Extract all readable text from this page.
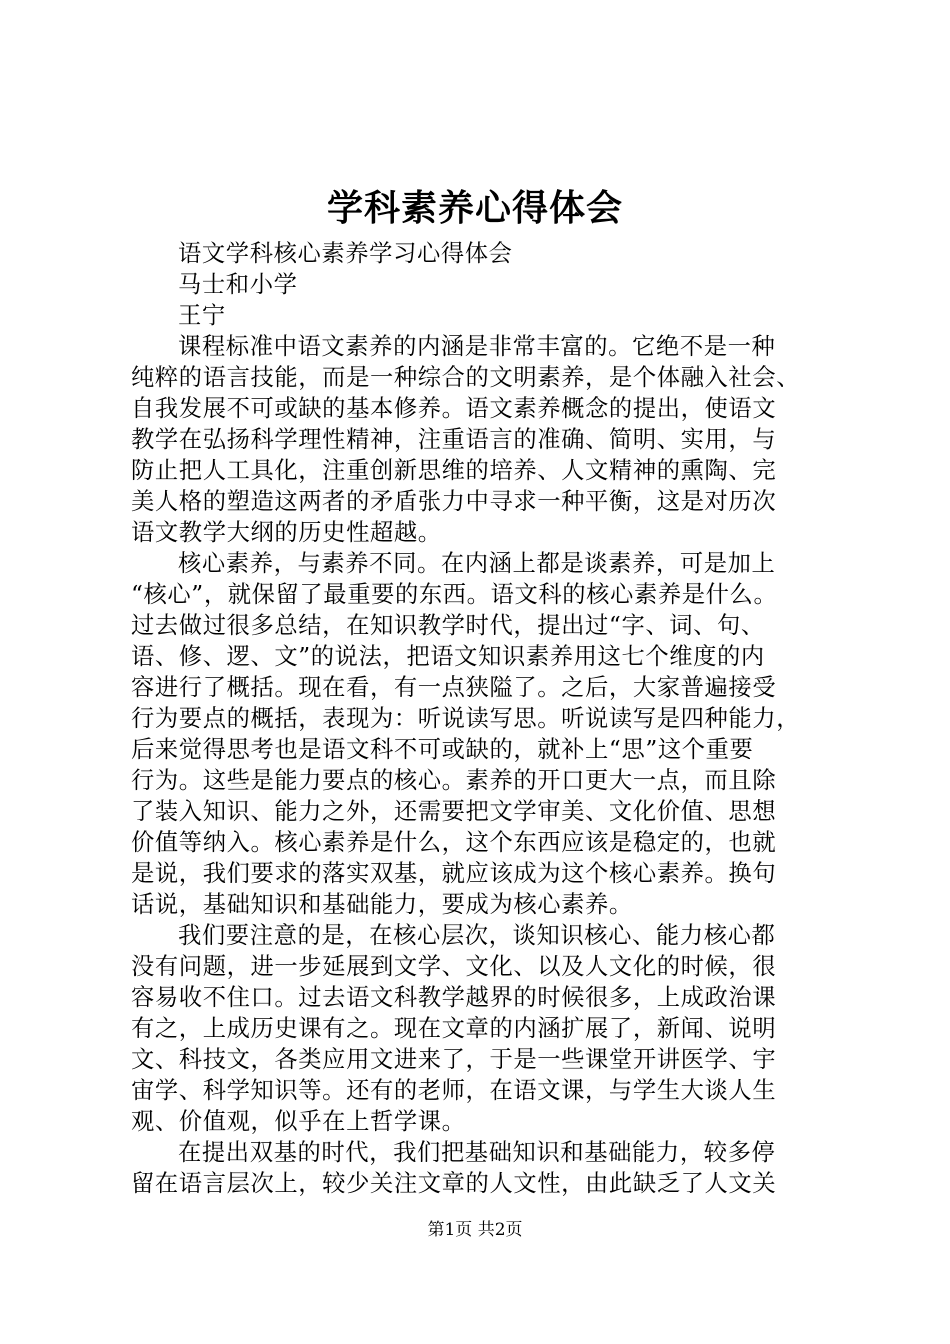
学科素养心得体会
语文学科核心素养学习心得体会
马士和小学
王宁
课程标准中语文素养的内涵是非常丰富的。它绝不是一种
纯粹的语言技能，而是一种综合的文明素养，是个体融入社会、
自我发展不可或缺的基本修养。语文素养概念的提出，使语文
教学在弘扬科学理性精神，注重语言的准确、简明、实用，与
防止把人工具化，注重创新思维的培养、人文精神的熏陶、完
美人格的塑造这两者的矛盾张力中寻求一种平衡，这是对历次
语文教学大纲的历史性超越。
核心素养，与素养不同。在内涵上都是谈素养，可是加上
“核心”，就保留了最重要的东西。语文科的核心素养是什么。
过去做过很多总结，在知识教学时代，提出过“字、词、句、
语、修、逻、文”的说法，把语文知识素养用这七个维度的内
容进行了概括。现在看，有一点狭隘了。之后，大家普遍接受
行为要点的概括，表现为：听说读写思。听说读写是四种能力，
后来觉得思考也是语文科不可或缺的，就补上“思”这个重要
行为。这些是能力要点的核心。素养的开口更大一点，而且除
了装入知识、能力之外，还需要把文学审美、文化价值、思想
价值等纳入。核心素养是什么，这个东西应该是稳定的，也就
是说，我们要求的落实双基，就应该成为这个核心素养。换句
话说，基础知识和基础能力，要成为核心素养。
我们要注意的是，在核心层次，谈知识核心、能力核心都
没有问题，进一步延展到文学、文化、以及人文化的时候，很
容易收不住口。过去语文科教学越界的时候很多，上成政治课
有之，上成历史课有之。现在文章的内涵扩展了，新闻、说明
文、科技文，各类应用文进来了，于是一些课堂开讲医学、宇
宙学、科学知识等。还有的老师，在语文课，与学生大谈人生
观、价值观，似乎在上哲学课。
在提出双基的时代，我们把基础知识和基础能力，较多停
留在语言层次上，较少关注文章的人文性，由此缺乏了人文关
第1页 共2页
